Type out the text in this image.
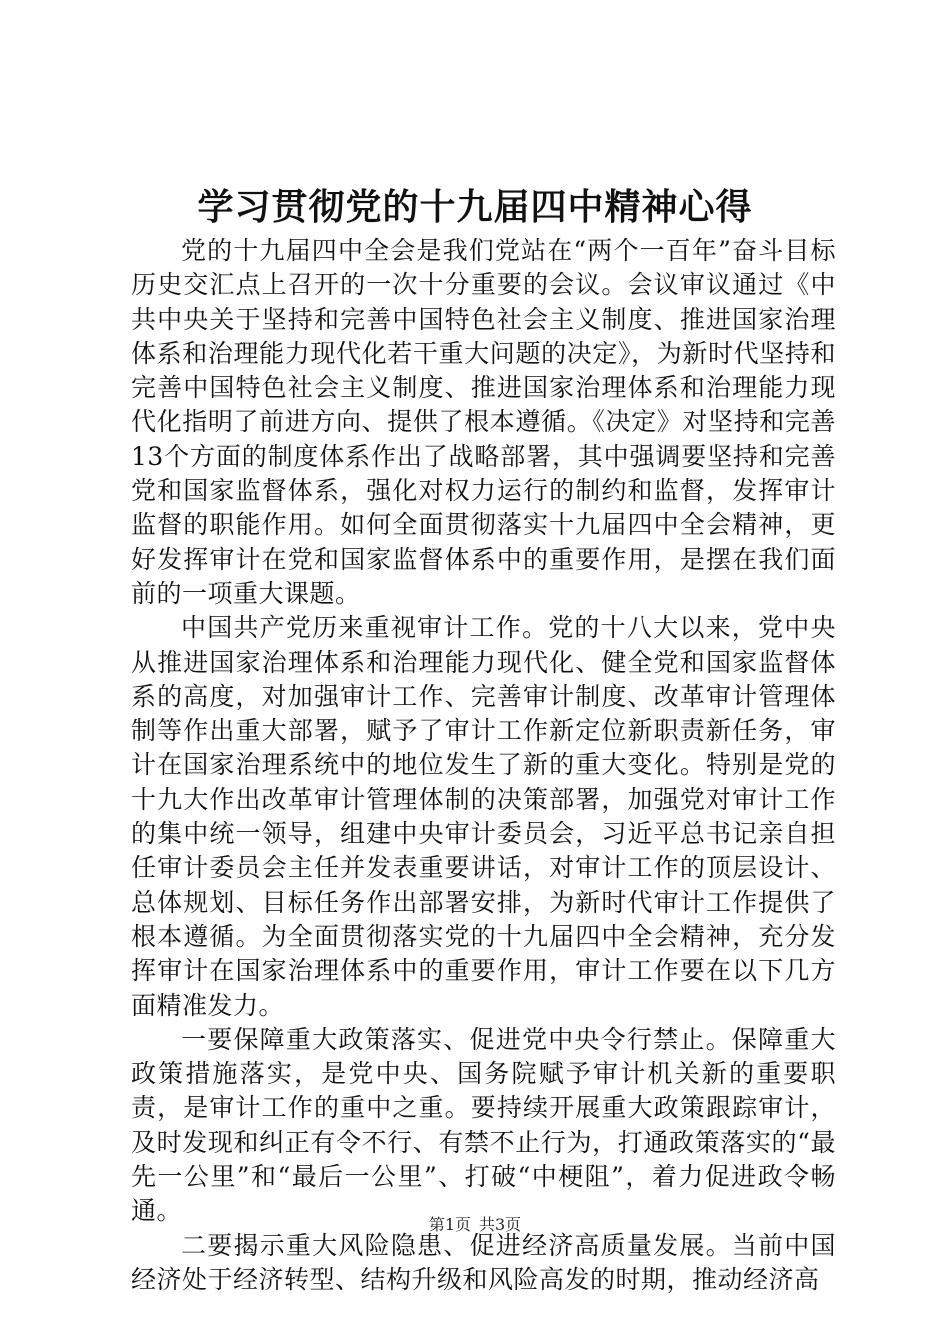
学习贯彻党的十九届四中精神心得

党的十九届四中全会是我们党站在“两个一百年”奋斗目标历史交汇点上召开的一次十分重要的会议。会议审议通过《中共中央关于坚持和完善中国特色社会主义制度、推进国家治理体系和治理能力现代化若干重大问题的决定》，为新时代坚持和完善中国特色社会主义制度、推进国家治理体系和治理能力现代化指明了前进方向、提供了根本遵循。《决定》对坚持和完善13个方面的制度体系作出了战略部署，其中强调要坚持和完善党和国家监督体系，强化对权力运行的制约和监督，发挥审计监督的职能作用。如何全面贯彻落实十九届四中全会精神，更好发挥审计在党和国家监督体系中的重要作用，是摆在我们面前的一项重大课题。

中国共产党历来重视审计工作。党的十八大以来，党中央从推进国家治理体系和治理能力现代化、健全党和国家监督体系的高度，对加强审计工作、完善审计制度、改革审计管理体制等作出重大部署，赋予了审计工作新定位新职责新任务，审计在国家治理系统中的地位发生了新的重大变化。特别是党的十九大作出改革审计管理体制的决策部署，加强党对审计工作的集中统一领导，组建中央审计委员会，习近平总书记亲自担任审计委员会主任并发表重要讲话，对审计工作的顶层设计、总体规划、目标任务作出部署安排，为新时代审计工作提供了根本遵循。为全面贯彻落实党的十九届四中全会精神，充分发挥审计在国家治理体系中的重要作用，审计工作要在以下几方面精准发力。

一要保障重大政策落实、促进党中央令行禁止。保障重大政策措施落实，是党中央、国务院赋予审计机关新的重要职责，是审计工作的重中之重。要持续开展重大政策跟踪审计，及时发现和纠正有令不行、有禁不止行为，打通政策落实的“最先一公里”和“最后一公里”、打破“中梗阻”，着力促进政令畅通。

二要揭示重大风险隐患、促进经济高质量发展。当前中国经济处于经济转型、结构升级和风险高发的时期，推动经济高

第1页 共3页
